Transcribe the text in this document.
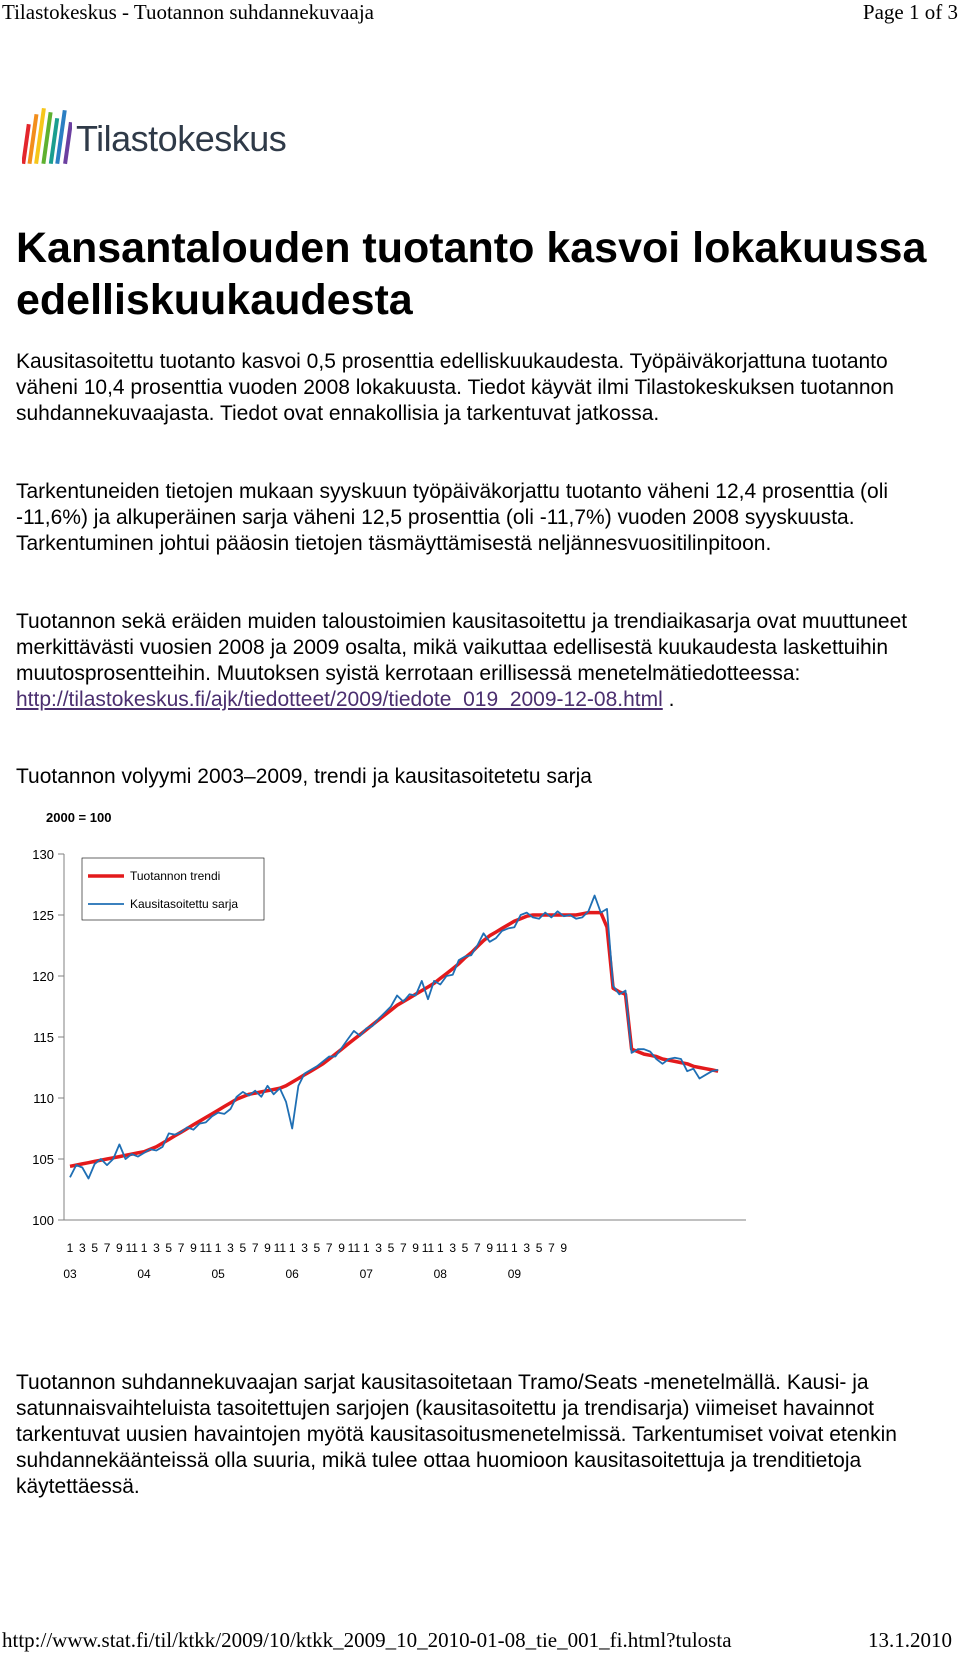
Tilastokeskus - Tuotannon suhdannekuvaaja	Page 1 of 3
Tilastokeskus
Kansantalouden tuotanto kasvoi lokakuussa edelliskuukaudesta

Kausitasoitettu tuotanto kasvoi 0,5 prosenttia edelliskuukaudesta. Työpäiväkorjattuna tuotanto väheni 10,4 prosenttia vuoden 2008 lokakuusta. Tiedot käyvät ilmi Tilastokeskuksen tuotannon suhdannekuvaajasta. Tiedot ovat ennakollisia ja tarkentuvat jatkossa.

Tarkentuneiden tietojen mukaan syyskuun työpäiväkorjattu tuotanto väheni 12,4 prosenttia (oli -11,6%) ja alkuperäinen sarja väheni 12,5 prosenttia (oli -11,7%) vuoden 2008 syyskuusta. Tarkentuminen johtui pääosin tietojen täsmäyttämisestä neljännesvuositilinpitoon.

Tuotannon sekä eräiden muiden taloustoimien kausitasoitettu ja trendiaikasarja ovat muuttuneet merkittävästi vuosien 2008 ja 2009 osalta, mikä vaikuttaa edellisestä kuukaudesta laskettuihin muutosprosentteihin. Muutoksen syistä kerrotaan erillisessä menetelmätiedotteessa: http://tilastokeskus.fi/ajk/tiedotteet/2009/tiedote_019_2009-12-08.html .

Tuotannon volyymi 2003–2009, trendi ja kausitasoitetetu sarja

2000 = 100
100
105
110
115
120
125
130
1 3 5 7 9 11 1 3 5 7 9 11 1 3 5 7 9 11 1 3 5 7 9 11 1 3 5 7 9 11 1 3 5 7 9 11 1 3 5 7 9
03	04	05	06	07	08	09
Tuotannon trendi
Kausitasoitettu sarja

Tuotannon suhdannekuvaajan sarjat kausitasoitetaan Tramo/Seats -menetelmällä. Kausi- ja satunnaisvaihteluista tasoitettujen sarjojen (kausitasoitettu ja trendisarja) viimeiset havainnot tarkentuvat uusien havaintojen myötä kausitasoitusmenetelmissä. Tarkentumiset voivat etenkin suhdannekäänteissä olla suuria, mikä tulee ottaa huomioon kausitasoitettuja ja trenditietoja käytettäessä.

http://www.stat.fi/til/ktkk/2009/10/ktkk_2009_10_2010-01-08_tie_001_fi.html?tulosta	13.1.2010
